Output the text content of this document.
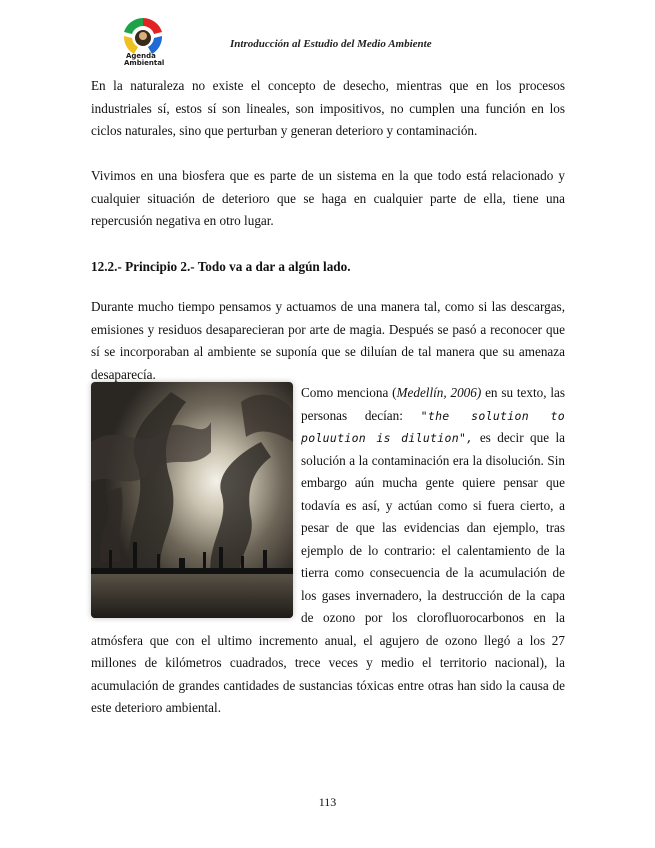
Agenda
Ambiental
Introducción al Estudio del Medio Ambiente

En la naturaleza no existe el concepto de desecho, mientras que en los procesos industriales sí, estos sí son lineales, son impositivos, no cumplen una función en los ciclos naturales, sino que perturban y generan deterioro y contaminación.

Vivimos en una biosfera que es parte de un sistema en la que todo está relacionado y cualquier situación de deterioro que se haga en cualquier parte de ella, tiene una repercusión negativa en otro lugar.

12.2.- Principio 2.- Todo va a dar a algún lado.

Durante mucho tiempo pensamos y actuamos de una manera tal, como si las descargas, emisiones y residuos desaparecieran por arte de magia. Después se pasó a reconocer que sí se incorporaban al ambiente se suponía que se diluían de tal manera que su amenaza desaparecía.

Como menciona (Medellín, 2006) en su texto, las personas decían: "the solution to poluution is dilution", es decir que la solución a la contaminación era la disolución. Sin embargo aún mucha gente quiere pensar que todavía es así, y actúan como si fuera cierto, a pesar de que las evidencias dan ejemplo, tras ejemplo de lo contrario: el calentamiento de la tierra como consecuencia de la acumulación de los gases invernadero, la destrucción de la capa de ozono por los clorofluorocarbonos en la atmósfera que con el ultimo incremento anual, el agujero de ozono llegó a los 27 millones de kilómetros cuadrados, trece veces y medio el territorio nacional), la acumulación de grandes cantidades de sustancias tóxicas entre otras han sido la causa de este deterioro ambiental.

113
